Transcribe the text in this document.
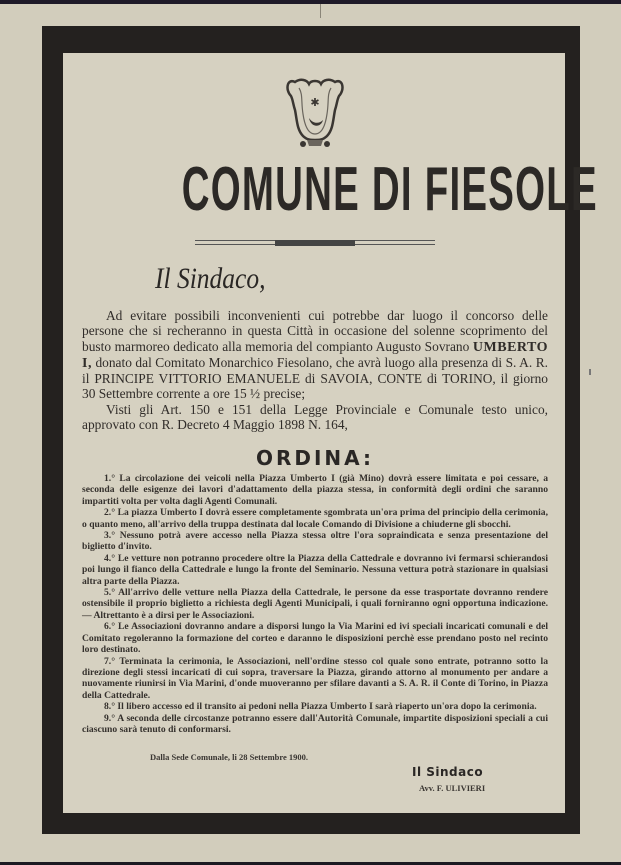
✱
COMUNE DI FIESOLE
Il Sindaco,

Ad evitare possibili inconvenienti cui potrebbe dar luogo il concorso delle persone che si recheranno in questa Città in occasione del solenne scoprimento del busto marmoreo dedicato alla memoria del compianto Augusto Sovrano UMBERTO I, donato dal Comitato Monarchico Fiesolano, che avrà luogo alla presenza di S. A. R. il PRINCIPE VITTORIO EMANUELE di SAVOIA, CONTE di TORINO, il giorno 30 Settembre corrente a ore 15 ½ precise;

Visti gli Art. 150 e 151 della Legge Provinciale e Comunale testo unico, approvato con R. Decreto 4 Maggio 1898 N. 164,

ORDINA:

1.° La circolazione dei veicoli nella Piazza Umberto I (già Mino) dovrà essere limitata e poi cessare, a seconda delle esigenze dei lavori d'adattamento della piazza stessa, in conformità degli ordini che saranno impartiti volta per volta dagli Agenti Comunali.

2.° La piazza Umberto I dovrà essere completamente sgombrata un'ora prima del principio della cerimonia, o quanto meno, all'arrivo della truppa destinata dal locale Comando di Divisione a chiuderne gli sbocchi.

3.° Nessuno potrà avere accesso nella Piazza stessa oltre l'ora sopraindicata e senza presentazione del biglietto d'invito.

4.° Le vetture non potranno procedere oltre la Piazza della Cattedrale e dovranno ivi fermarsi schierandosi poi lungo il fianco della Cattedrale e lungo la fronte del Seminario. Nessuna vettura potrà stazionare in qualsiasi altra parte della Piazza.

5.° All'arrivo delle vetture nella Piazza della Cattedrale, le persone da esse trasportate dovranno rendere ostensibile il proprio biglietto a richiesta degli Agenti Municipali, i quali forniranno ogni opportuna indicazione. — Altrettanto è a dirsi per le Associazioni.

6.° Le Associazioni dovranno andare a disporsi lungo la Via Marini ed ivi speciali incaricati comunali e del Comitato regoleranno la formazione del corteo e daranno le disposizioni perchè esse prendano posto nel recinto loro destinato.

7.° Terminata la cerimonia, le Associazioni, nell'ordine stesso col quale sono entrate, potranno sotto la direzione degli stessi incaricati di cui sopra, traversare la Piazza, girando attorno al monumento per andare a nuovamente riunirsi in Via Marini, d'onde muoveranno per sfilare davanti a S. A. R. il Conte di Torino, in Piazza della Cattedrale.

8.° Il libero accesso ed il transito ai pedoni nella Piazza Umberto I sarà riaperto un'ora dopo la cerimonia.

9.° A seconda delle circostanze potranno essere dall'Autorità Comunale, impartite disposizioni speciali a cui ciascuno sarà tenuto di conformarsi.

Dalla Sede Comunale, li 28 Settembre 1900.
Il Sindaco
Avv. F. ULIVIERI
